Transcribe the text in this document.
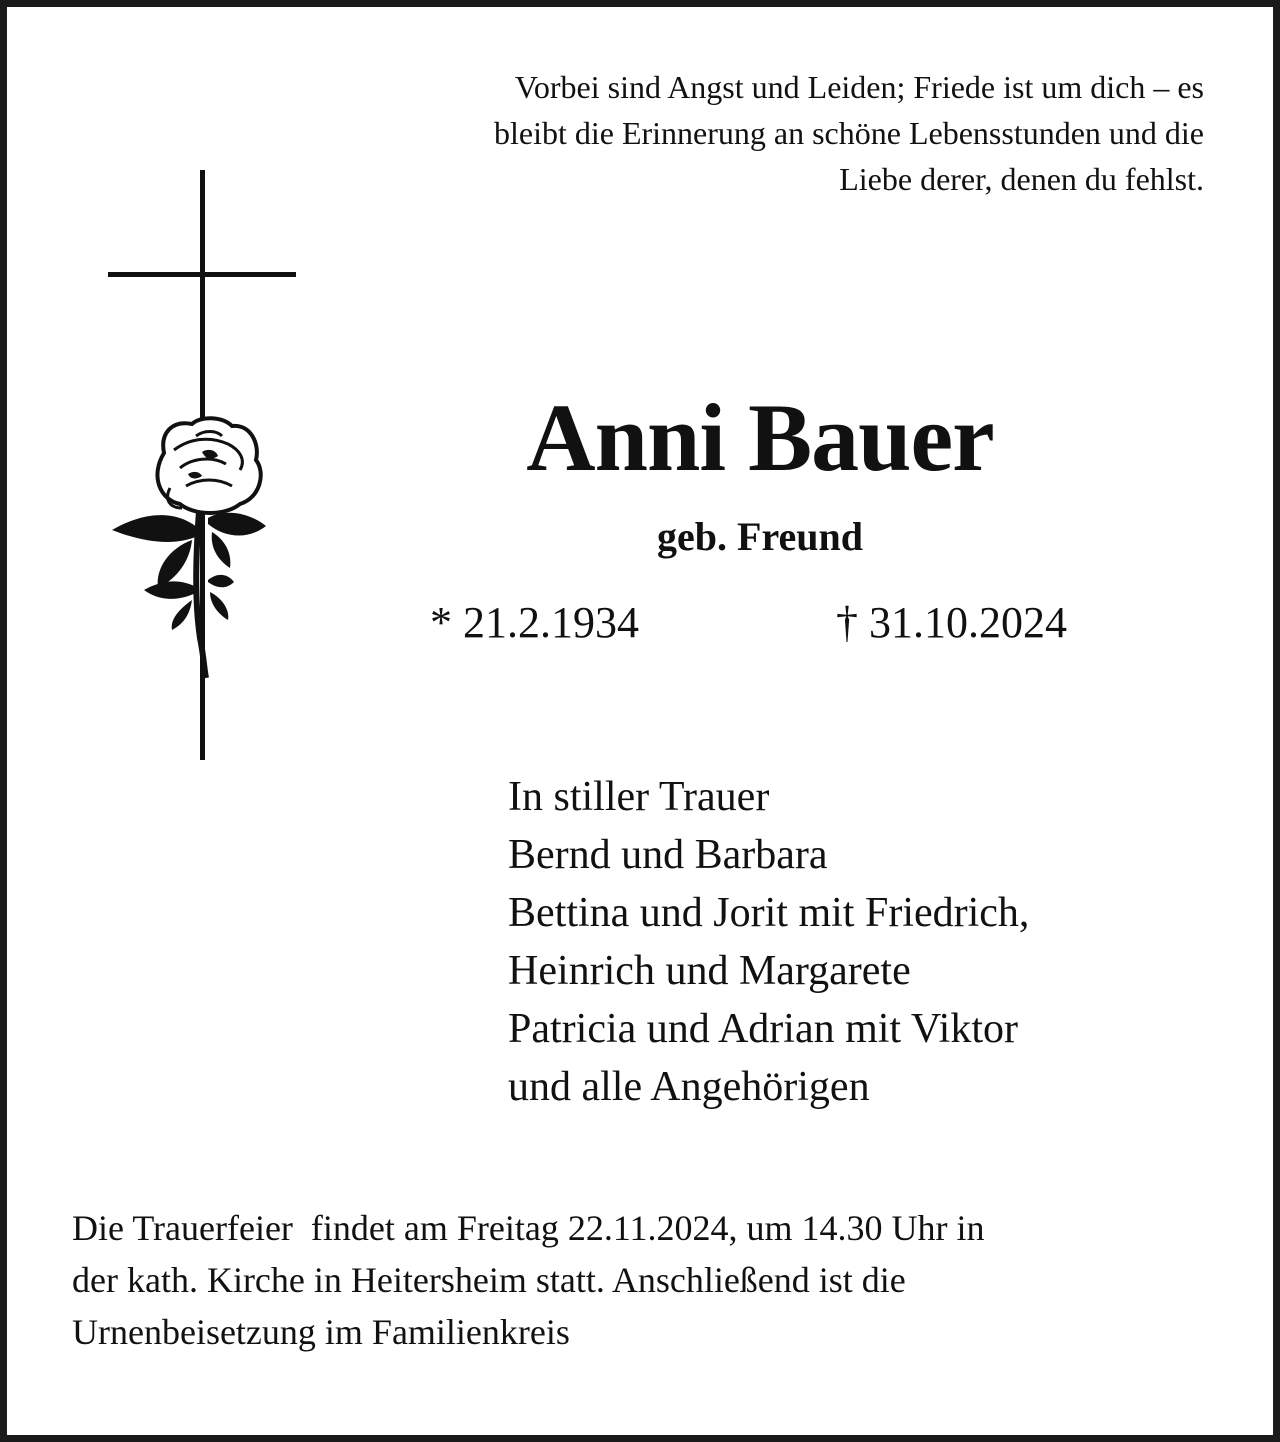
Vorbei sind Angst und Leiden; Friede ist um dich – es
bleibt die Erinnerung an schöne Lebensstunden und die
Liebe derer, denen du fehlst.
Anni Bauer
geb. Freund
* 21.2.1934	† 31.10.2024
In stiller Trauer
Bernd und Barbara
Bettina und Jorit mit Friedrich,
Heinrich und Margarete
Patricia und Adrian mit Viktor
und alle Angehörigen
Die Trauerfeier  findet am Freitag 22.11.2024, um 14.30 Uhr in
der kath. Kirche in Heitersheim statt. Anschließend ist die
Urnenbeisetzung im Familienkreis
